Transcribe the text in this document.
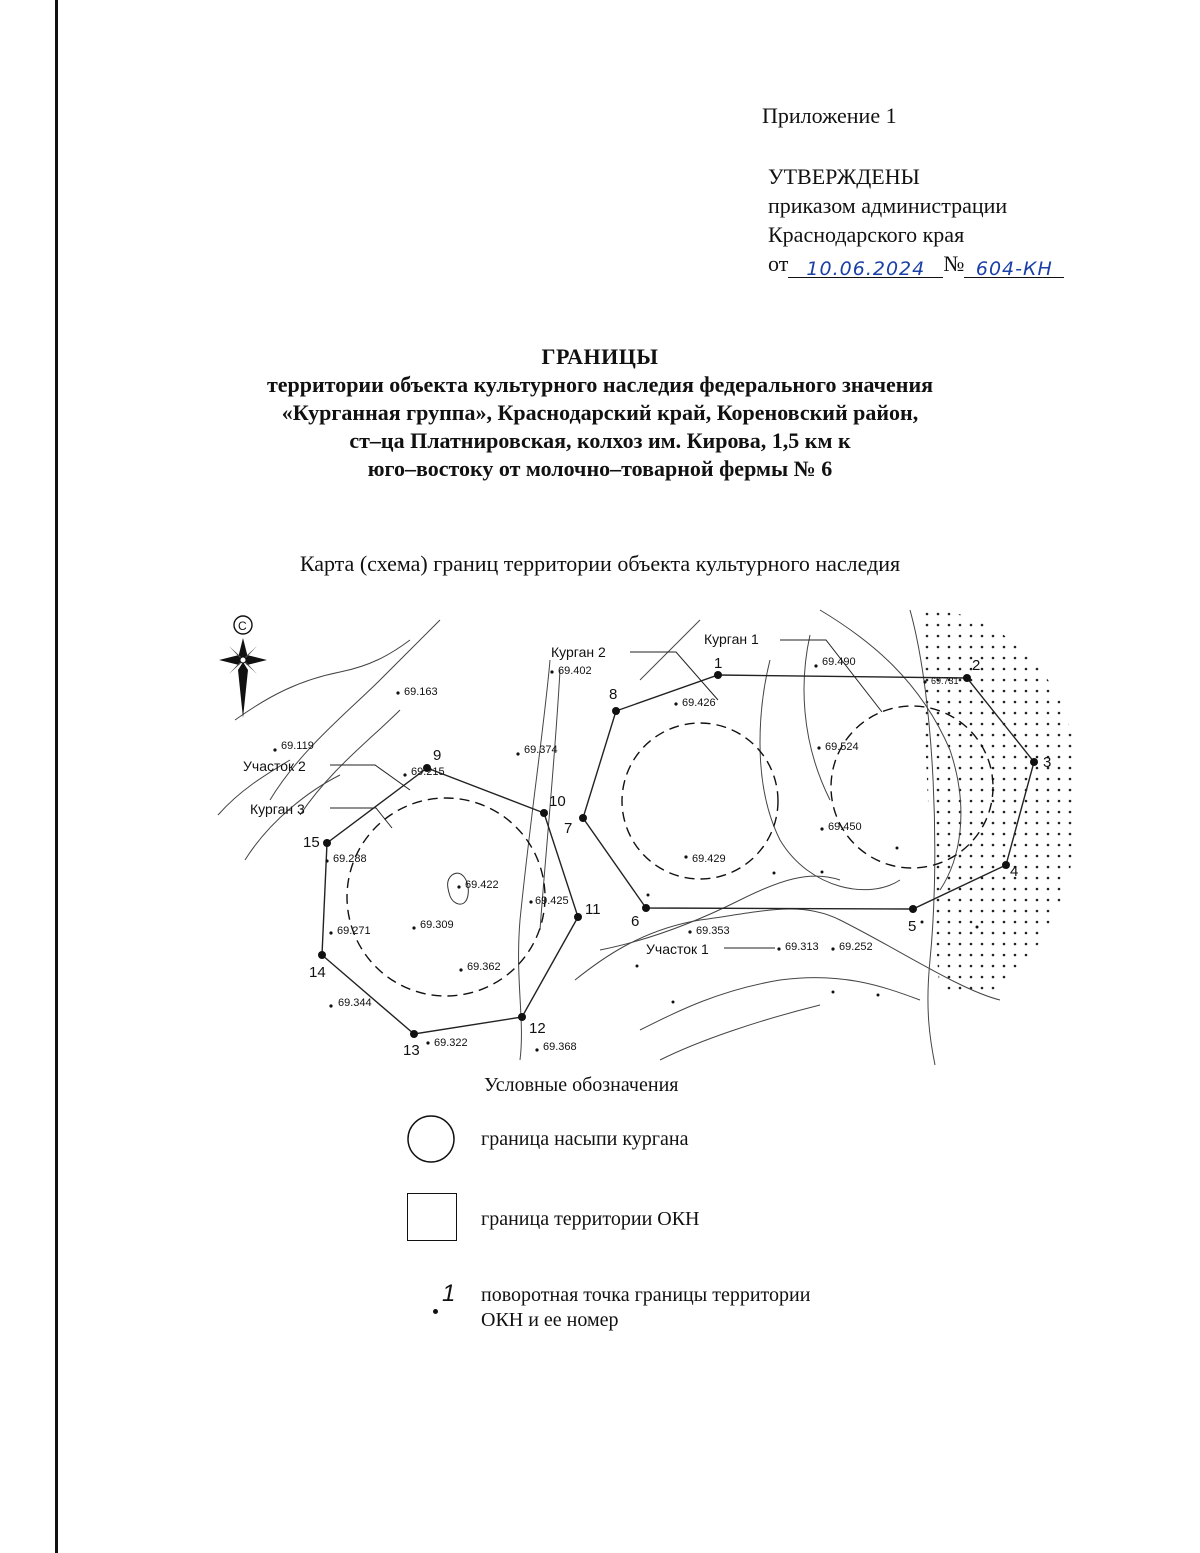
Приложение 1
УТВЕРЖДЕНЫ
приказом администрации
Краснодарского края
от 10.06.2024 № 604-КН
ГРАНИЦЫ
территории объекта культурного наследия федерального значения
«Курганная группа», Краснодарский край, Кореновский район,
ст–ца Платнировская, колхоз им. Кирова, 1,5 км к
юго–востоку от молочно–товарной фермы № 6
Карта (схема) границ территории объекта культурного наследия
1	2
3
4
5
6
7
8
9
10
11
12
13
14
15
Курган 1
Курган 2
Курган 3
Участок 1
Участок 2
69.402
69.163
69.119
69.215
69.374
69.490
69.731
69.426
69.524
69.450
69.429
69.288
69.422
69.425
69.271	69.309
69.362
69.353
69.313 69.252
69.344
69.322	69.368
С
Условные обозначения
граница насыпи кургана
граница территории ОКН
1 поворотная точка границы территории
ОКН и ее номер
